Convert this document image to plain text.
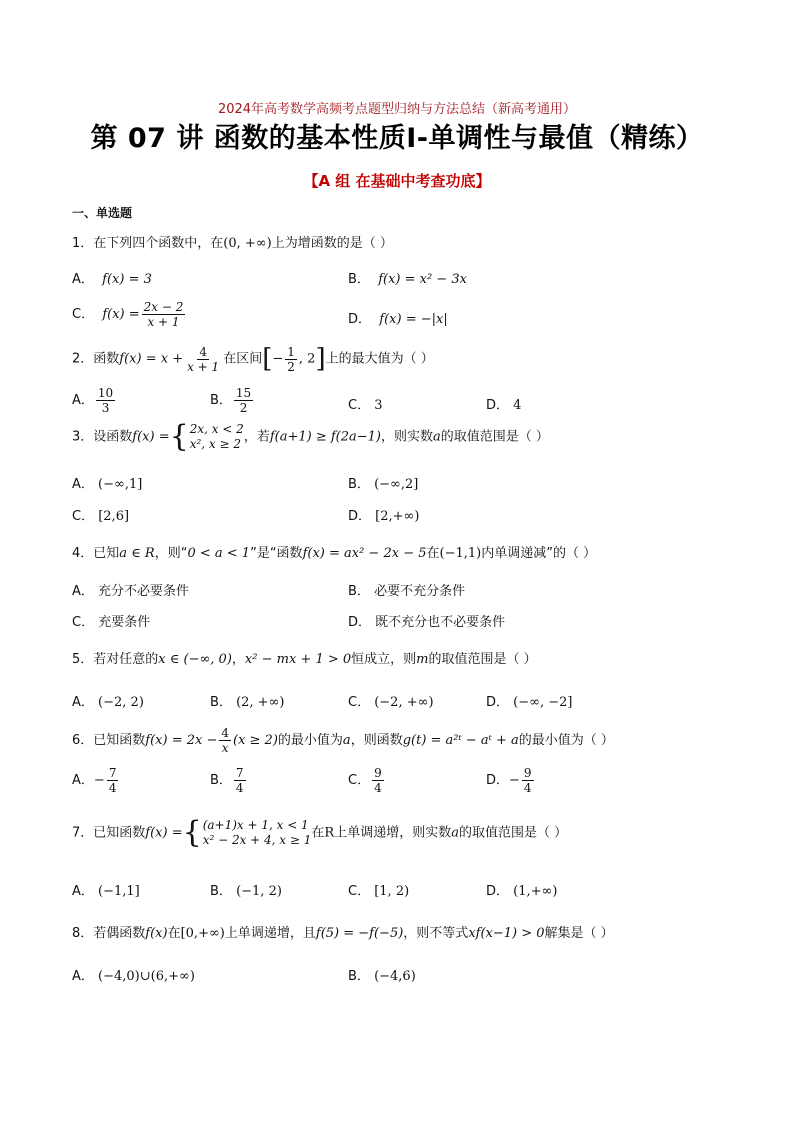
2024年高考数学高频考点题型归纳与方法总结（新高考通用）
第 07 讲 函数的基本性质Ⅰ-单调性与最值（精练）
【A 组 在基础中考查功底】
一、单选题
1．在下列四个函数中，在(0, +∞)上为增函数的是（ ）
A． f(x) = 3	B． f(x) = x² − 3x
C． $f(x) = \frac{2x - 2}{x + 1}$	D． f(x) = −|x|
2．函数$f(x) = x + \frac{4}{x + 1}$ 在区间[− $\frac{1}{2}$ , 2]上的最大值为（ ）
A． $\frac{10}{3}$	B． $\frac{15}{2}$	C． 3	D． 4
3．设函数f(x) = { 2x, x < 2
x², x ≥ 2 ，若f(a+1) ≥ f(2a−1)，则实数a的取值范围是（ ）
A． (−∞,1]	B． (−∞,2]
C． [2,6]	D． [2,+∞)
4．已知a ∈ R，则“0 < a < 1”是“函数f(x) = ax² − 2x − 5在(−1,1)内单调递减”的（ ）
A． 充分不必要条件	B． 必要不充分条件
C． 充要条件	D． 既不充分也不必要条件
5．若对任意的x ∈ (−∞, 0)，x² − mx + 1 > 0恒成立，则m的取值范围是（ ）
A． (−2, 2)	B． (2, +∞)	C． (−2, +∞)	D． (−∞, −2]
6．已知函数$f(x) = 2x - \frac{4}{x} (x \ge 2)$的最小值为a，则函数g(t) = a²ᵗ − aᵗ + a的最小值为（ ）
A．− $\frac{7}{4}$	B． $\frac{7}{4}$	C． $\frac{9}{4}$	D．− $\frac{9}{4}$
7．已知函数f(x) = { (a+1)x + 1, x < 1
x² − 2x + 4, x ≥ 1 在R上单调递增，则实数a的取值范围是（ ）
A． (−1,1]	B． (−1, 2)	C． [1, 2)	D． (1,+∞)
8．若偶函数f(x)在[0,+∞)上单调递增，且f(5) = −f(−5)，则不等式xf(x−1) > 0解集是（ ）
A． (−4,0)∪(6,+∞)	B． (−4,6)
